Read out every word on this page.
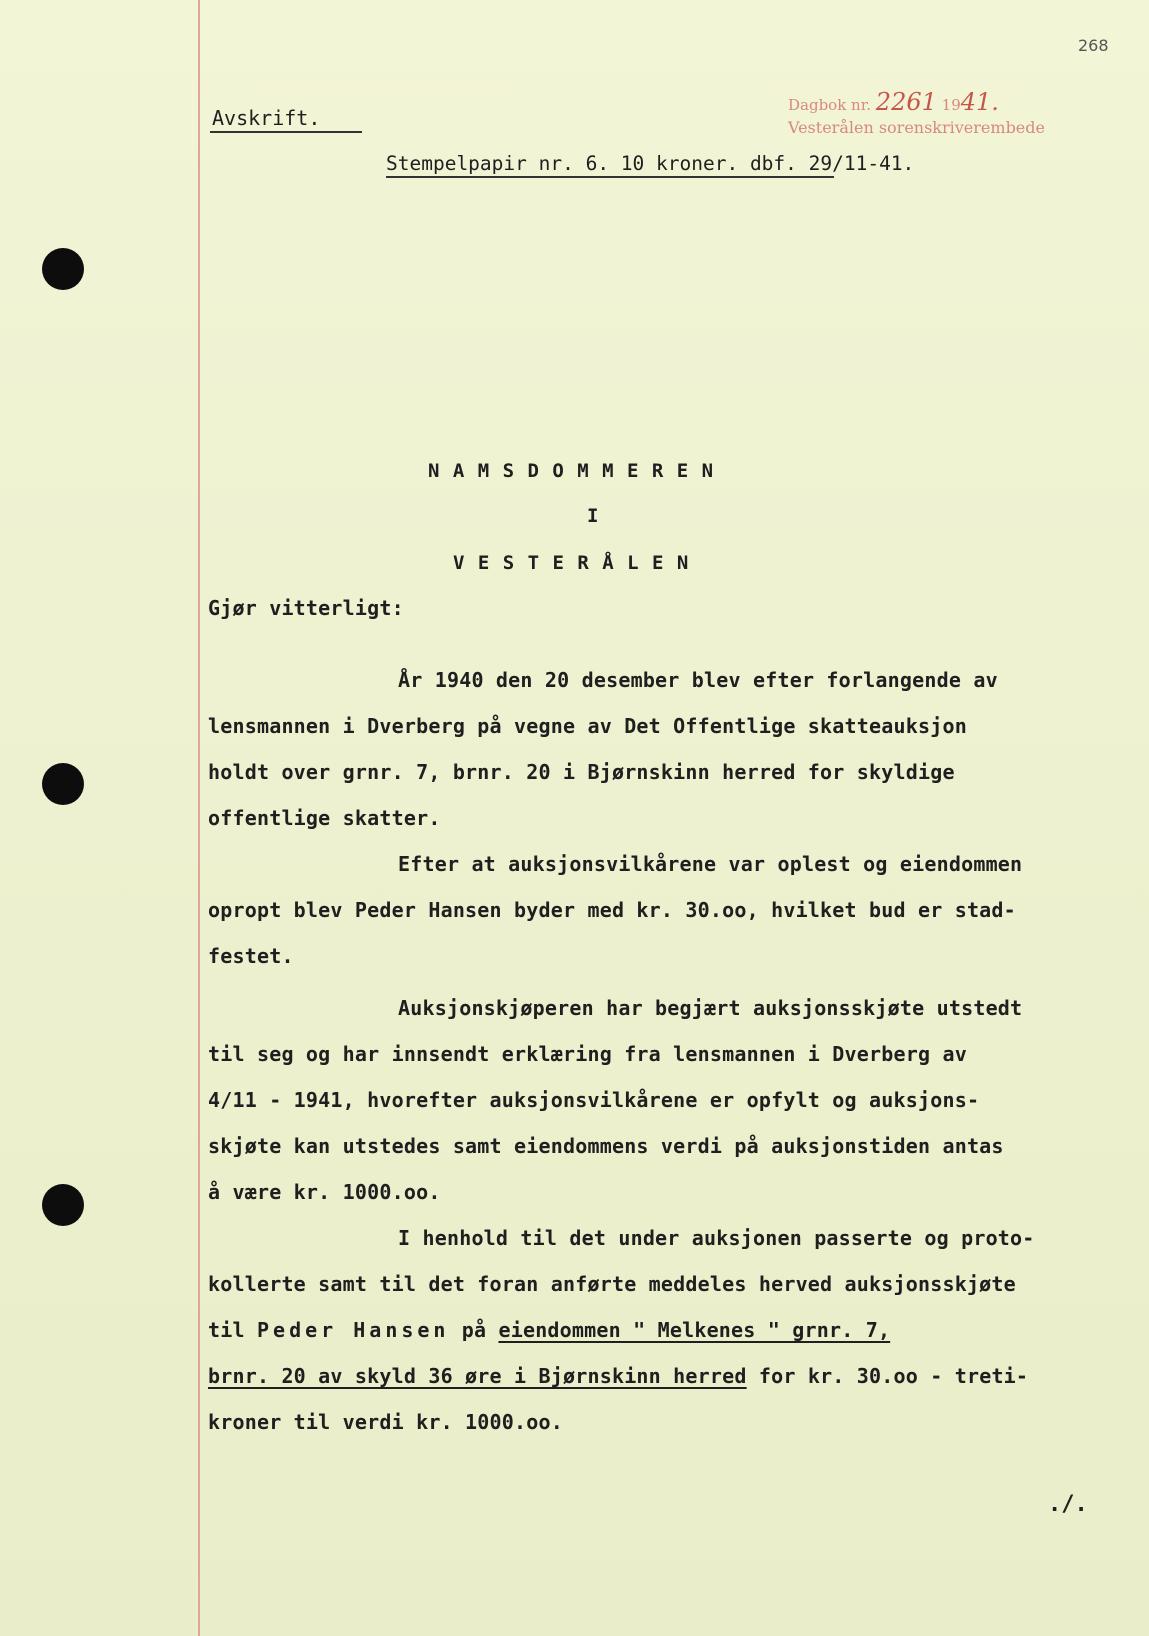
268
Dagbok nr. 2261 1941.
Vesterålen sorenskriverembede
Avskrift.
Stempelpapir nr. 6. 10 kroner. dbf. 29/11-41.
N A M S D O M M E R E N
I
V E S T E R Å L E N
Gjør vitterligt:
År 1940 den 20 desember blev efter forlangende av
lensmannen i Dverberg på vegne av Det Offentlige skatteauksjon
holdt over grnr. 7, brnr. 20 i Bjørnskinn herred for skyldige
offentlige skatter.
Efter at auksjonsvilkårene var oplest og eiendommen
opropt blev Peder Hansen byder med kr. 30.oo, hvilket bud er stad-
festet.
Auksjonskjøperen har begjært auksjonsskjøte utstedt
til seg og har innsendt erklæring fra lensmannen i Dverberg av
4/11 - 1941, hvorefter auksjonsvilkårene er opfylt og auksjons-
skjøte kan utstedes samt eiendommens verdi på auksjonstiden antas
å være kr. 1000.oo.
I henhold til det under auksjonen passerte og proto-
kollerte samt til det foran anførte meddeles herved auksjonsskjøte
til Peder Hansen på eiendommen " Melkenes " grnr. 7,
brnr. 20 av skyld 36 øre i Bjørnskinn herred for kr. 30.oo - treti-
kroner til verdi kr. 1000.oo.
./.
